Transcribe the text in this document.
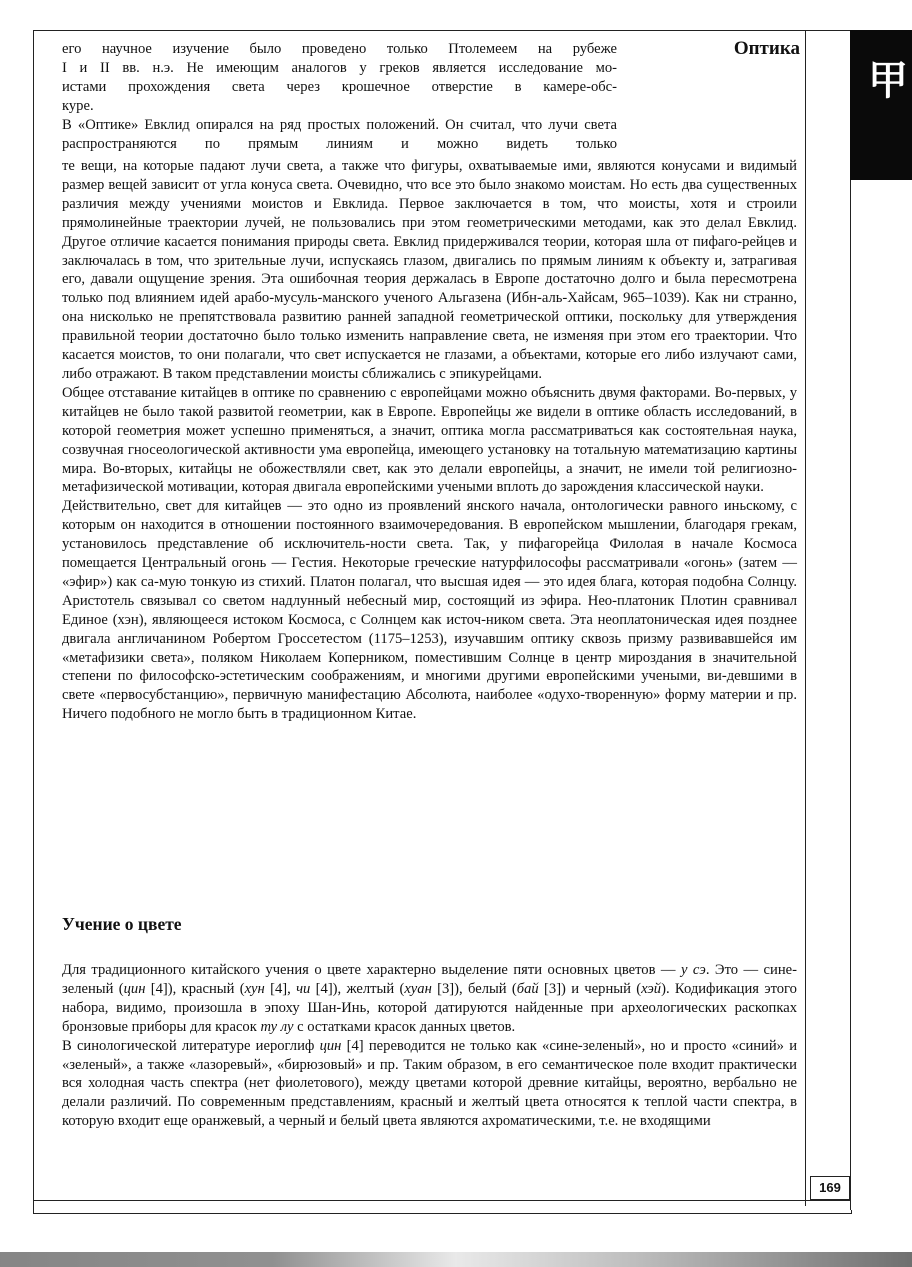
甲
Оптика

его научное изучение было проведено только Птолемеем на рубеже

I и II вв. н.э. Не имеющим аналогов у греков является исследование мо-

истами прохождения света через крошечное отверстие в камере-обс-

куре.

В «Оптике» Евклид опирался на ряд простых положений. Он считал, что лучи света распространяются по прямым линиям и можно видеть только

те вещи, на которые падают лучи света, а также что фигуры, охватываемые ими, являются конусами и видимый размер вещей зависит от угла конуса света. Очевидно, что все это было знакомо моистам. Но есть два существенных различия между учениями моистов и Евклида. Первое заключается в том, что моисты, хотя и строили прямолинейные траектории лучей, не пользовались при этом геометрическими методами, как это делал Евклид. Другое отличие касается понимания природы света. Евклид придерживался теории, которая шла от пифаго-рейцев и заключалась в том, что зрительные лучи, испускаясь глазом, двигались по прямым линиям к объекту и, затрагивая его, давали ощущение зрения. Эта ошибочная теория держалась в Европе достаточно долго и была пересмотрена только под влиянием идей арабо-мусуль-манского ученого Альгазена (Ибн-аль-Хайсам, 965–1039). Как ни странно, она нисколько не препятствовала развитию ранней западной геометрической оптики, поскольку для утверждения правильной теории достаточно было только изменить направление света, не изменяя при этом его траектории. Что касается моистов, то они полагали, что свет испускается не глазами, а объектами, которые его либо излучают сами, либо отражают. В таком представлении моисты сближались с эпикурейцами.

Общее отставание китайцев в оптике по сравнению с европейцами можно объяснить двумя факторами. Во-первых, у китайцев не было такой развитой геометрии, как в Европе. Европейцы же видели в оптике область исследований, в которой геометрия может успешно применяться, а значит, оптика могла рассматриваться как состоятельная наука, созвучная гносеологической активности ума европейца, имеющего установку на тотальную математизацию картины мира. Во-вторых, китайцы не обожествляли свет, как это делали европейцы, а значит, не имели той религиозно-метафизической мотивации, которая двигала европейскими учеными вплоть до зарождения классической науки.

Действительно, свет для китайцев — это одно из проявлений янского начала, онтологически равного иньскому, с которым он находится в отношении постоянного взаимочередования. В европейском мышлении, благодаря грекам, установилось представление об исключитель-ности света. Так, у пифагорейца Филолая в начале Космоса помещается Центральный огонь — Гестия. Некоторые греческие натурфилософы рассматривали «огонь» (затем — «эфир») как са-мую тонкую из стихий. Платон полагал, что высшая идея — это идея блага, которая подобна Солнцу. Аристотель связывал со светом надлунный небесный мир, состоящий из эфира. Нео-платоник Плотин сравнивал Единое (хэн), являющееся истоком Космоса, с Солнцем как источ-ником света. Эта неоплатоническая идея позднее двигала англичанином Робертом Гроссетестом (1175–1253), изучавшим оптику сквозь призму развивавшейся им «метафизики света», поляком Николаем Коперником, поместившим Солнце в центр мироздания в значительной степени по философско-эстетическим соображениям, и многими другими европейскими учеными, ви-девшими в свете «первосубстанцию», первичную манифестацию Абсолюта, наиболее «одухо-творенную» форму материи и пр. Ничего подобного не могло быть в традиционном Китае.

Учение о цвете

Для традиционного китайского учения о цвете характерно выделение пяти основных цветов — у сэ. Это — сине-зеленый (цин [4]), красный (хун [4], чи [4]), желтый (хуан [3]), белый (бай [3]) и черный (хэй). Кодификация этого набора, видимо, произошла в эпоху Шан-Инь, которой датируются найденные при археологических раскопках бронзовые приборы для красок ту лу с остатками красок данных цветов.

В синологической литературе иероглиф цин [4] переводится не только как «сине-зеленый», но и просто «синий» и «зеленый», а также «лазоревый», «бирюзовый» и пр. Таким образом, в его семантическое поле входит практически вся холодная часть спектра (нет фиолетового), между цветами которой древние китайцы, вероятно, вербально не делали различий. По современным представлениям, красный и желтый цвета относятся к теплой части спектра, в которую входит еще оранжевый, а черный и белый цвета являются ахроматическими, т.е. не входящими

169
